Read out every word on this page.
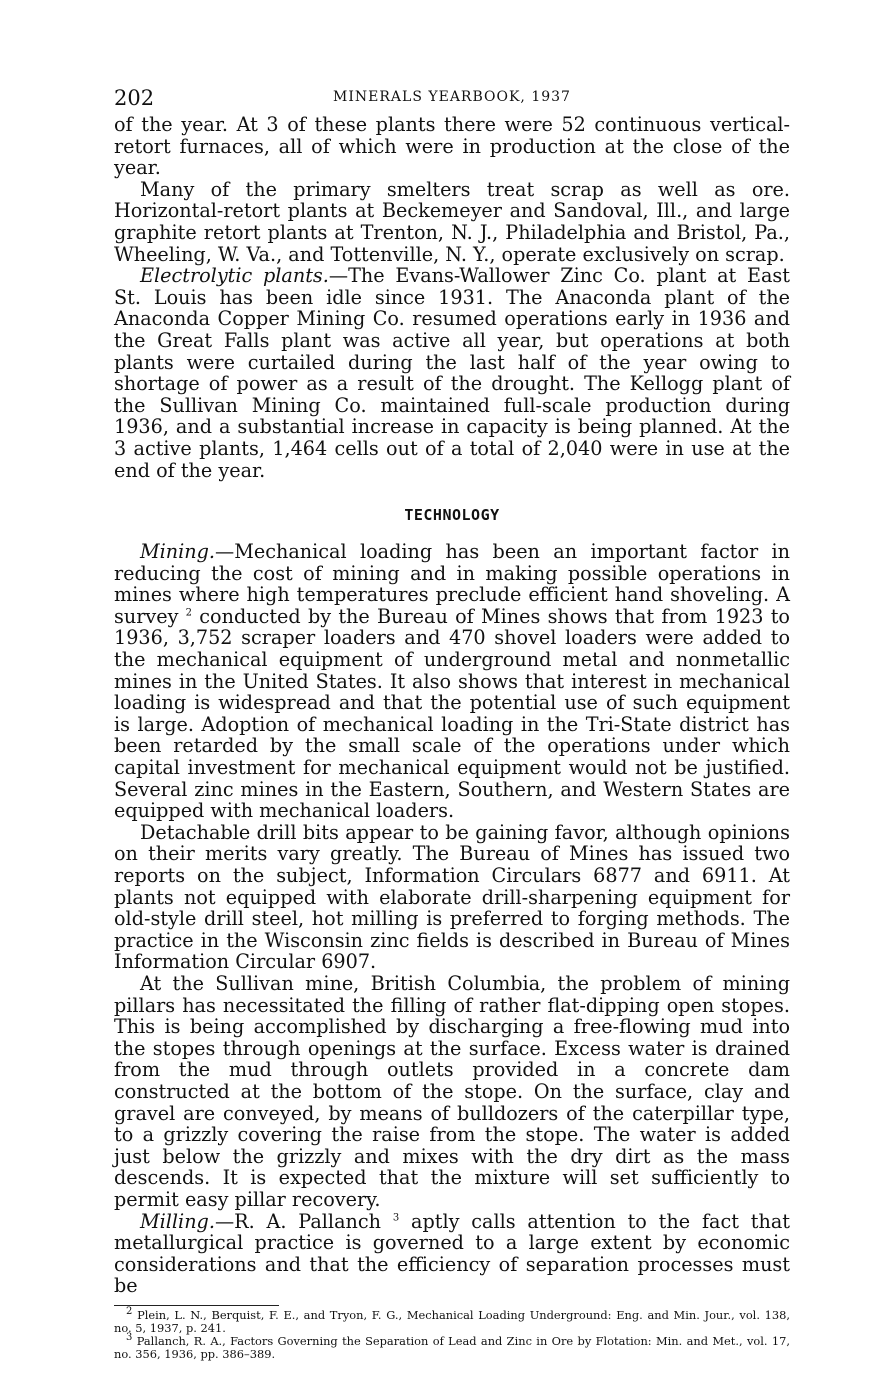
202	MINERALS YEARBOOK, 1937

of the year. At 3 of these plants there were 52 continuous vertical-retort furnaces, all of which were in production at the close of the year.

Many of the primary smelters treat scrap as well as ore. Horizontal-retort plants at Beckemeyer and Sandoval, Ill., and large graphite retort plants at Trenton, N. J., Philadelphia and Bristol, Pa., Wheeling, W. Va., and Tottenville, N. Y., operate exclusively on scrap.

Electrolytic plants.—The Evans-Wallower Zinc Co. plant at East St. Louis has been idle since 1931. The Anaconda plant of the Anaconda Copper Mining Co. resumed operations early in 1936 and the Great Falls plant was active all year, but operations at both plants were curtailed during the last half of the year owing to shortage of power as a result of the drought. The Kellogg plant of the Sullivan Mining Co. maintained full-scale production during 1936, and a substantial increase in capacity is being planned. At the 3 active plants, 1,464 cells out of a total of 2,040 were in use at the end of the year.

TECHNOLOGY

Mining.—Mechanical loading has been an important factor in reducing the cost of mining and in making possible operations in mines where high temperatures preclude efficient hand shoveling. A survey $^2$ conducted by the Bureau of Mines shows that from 1923 to 1936, 3,752 scraper loaders and 470 shovel loaders were added to the mechanical equipment of underground metal and nonmetallic mines in the United States. It also shows that interest in mechanical loading is widespread and that the potential use of such equipment is large. Adoption of mechanical loading in the Tri-State district has been retarded by the small scale of the operations under which capital investment for mechanical equipment would not be justified. Several zinc mines in the Eastern, Southern, and Western States are equipped with mechanical loaders.

Detachable drill bits appear to be gaining favor, although opinions on their merits vary greatly. The Bureau of Mines has issued two reports on the subject, Information Circulars 6877 and 6911. At plants not equipped with elaborate drill-sharpening equipment for old-style drill steel, hot milling is preferred to forging methods. The practice in the Wisconsin zinc fields is described in Bureau of Mines Information Circular 6907.

At the Sullivan mine, British Columbia, the problem of mining pillars has necessitated the filling of rather flat-dipping open stopes. This is being accomplished by discharging a free-flowing mud into the stopes through openings at the surface. Excess water is drained from the mud through outlets provided in a concrete dam constructed at the bottom of the stope. On the surface, clay and gravel are conveyed, by means of bulldozers of the caterpillar type, to a grizzly covering the raise from the stope. The water is added just below the grizzly and mixes with the dry dirt as the mass descends. It is expected that the mixture will set sufficiently to permit easy pillar recovery.

Milling.—R. A. Pallanch $^3$ aptly calls attention to the fact that metallurgical practice is governed to a large extent by economic considerations and that the efficiency of separation processes must be

$^2$ Plein, L. N., Berquist, F. E., and Tryon, F. G., Mechanical Loading Underground: Eng. and Min. Jour., vol. 138, no. 5, 1937, p. 241.

$^3$ Pallanch, R. A., Factors Governing the Separation of Lead and Zinc in Ore by Flotation: Min. and Met., vol. 17, no. 356, 1936, pp. 386–389.
